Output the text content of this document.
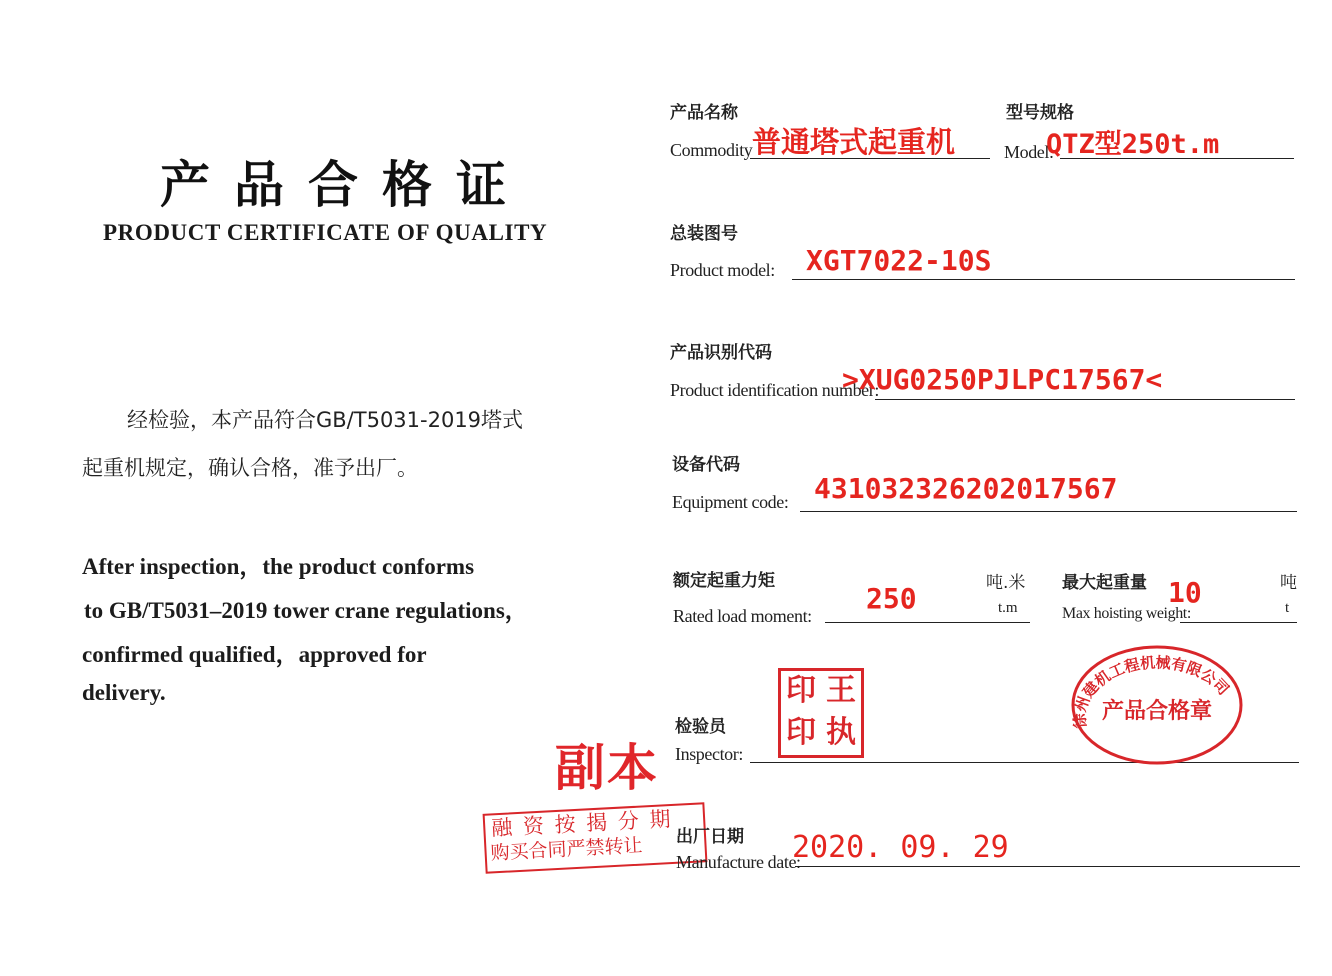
产品合格证
PRODUCT CERTIFICATE OF QUALITY
经检验，本产品符合GB/T5031-2019塔式
起重机规定，确认合格，准予出厂。
After inspection，the product conforms
to GB/T5031–2019 tower crane regulations，
confirmed qualified，approved for
delivery.
副本
融 资 按 揭 分 期
购买合同严禁转让
产品名称
Commodity 普通塔式起重机
型号规格
Model:
QTZ型250t.m
总装图号
Product model: XGT7022-10S
产品识别代码
Product identification number:
>XUG0250PJLPC17567<
设备代码
Equipment code: 43103232620201756​7
额定起重力矩
Rated load moment:
250	吨.米
t.m
最大起重量
Max hoisting weight:
10	吨
t
检验员
Inspector:
印 王
印 执	徐州建机工程机械有限公司
产品合格章
出厂日期
Manufacture date:
2020. 09. 29
